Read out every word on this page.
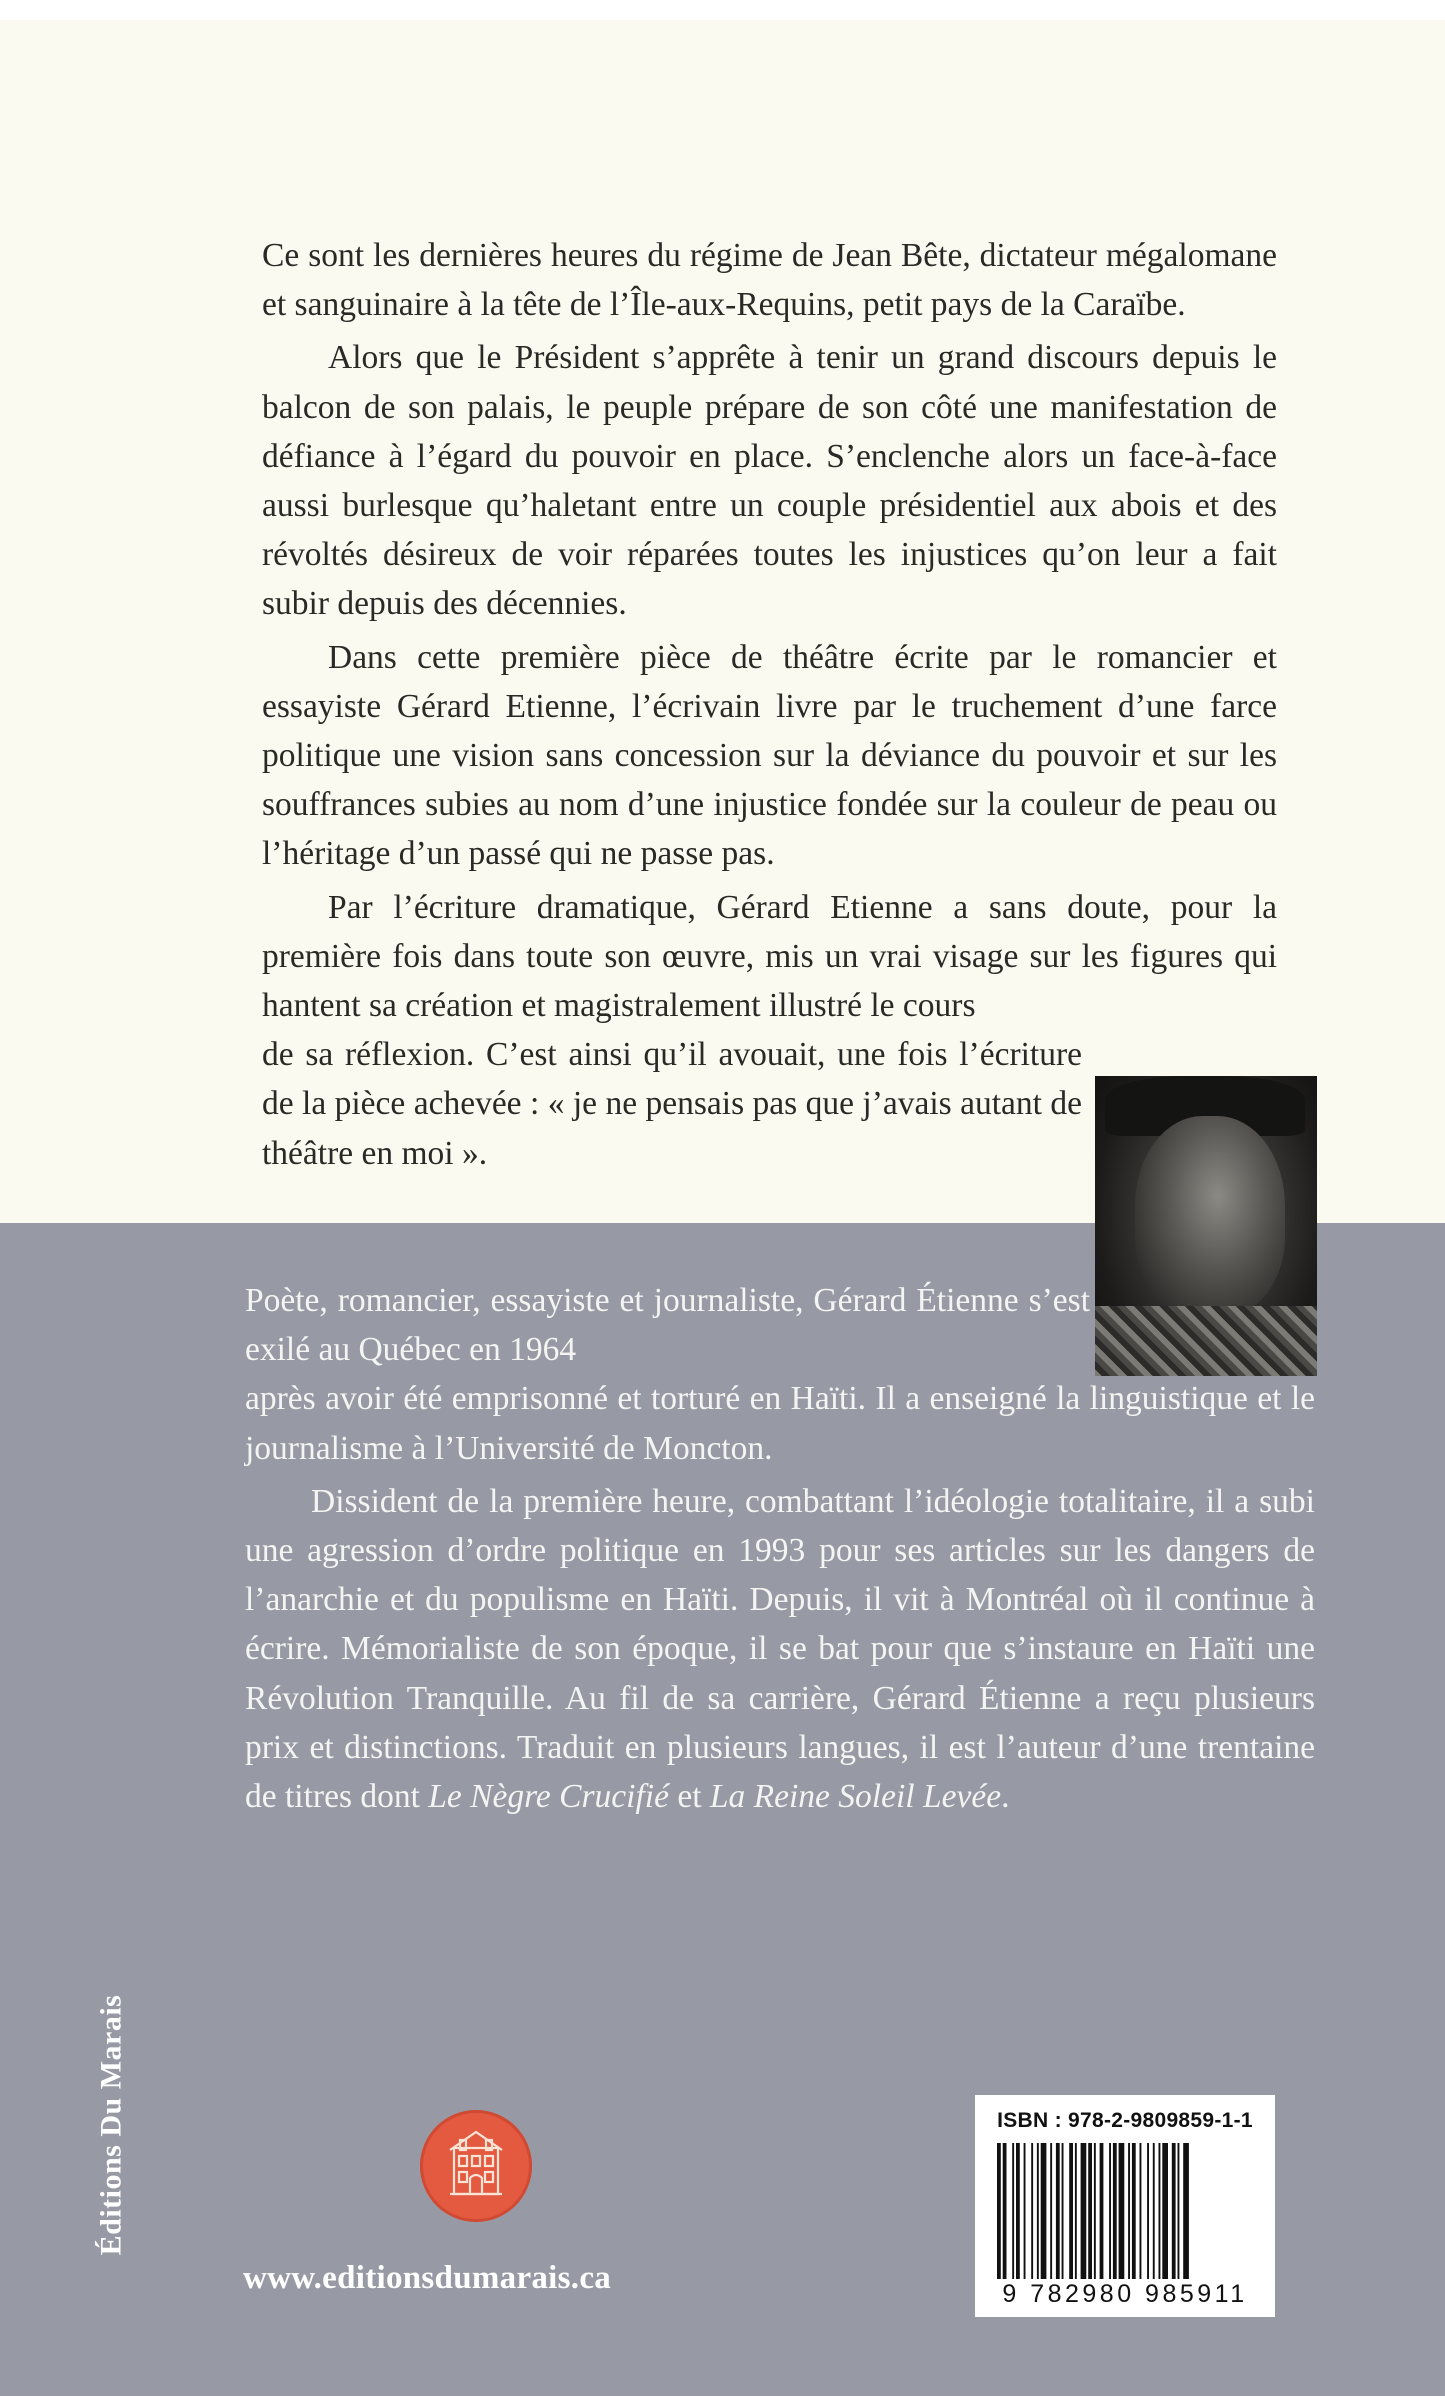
Ce sont les dernières heures du régime de Jean Bête, dictateur mégalomane et sanguinaire à la tête de l’Île-aux-Requins, petit pays de la Caraïbe.

Alors que le Président s’apprête à tenir un grand discours depuis le balcon de son palais, le peuple prépare de son côté une manifestation de défiance à l’égard du pouvoir en place. S’enclenche alors un face-à-face aussi burlesque qu’haletant entre un couple présidentiel aux abois et des révoltés désireux de voir réparées toutes les injustices qu’on leur a fait subir depuis des décennies.

Dans cette première pièce de théâtre écrite par le romancier et essayiste Gérard Etienne, l’écrivain livre par le truchement d’une farce politique une vision sans concession sur la déviance du pouvoir et sur les souffrances subies au nom d’une injustice fondée sur la couleur de peau ou l’héritage d’un passé qui ne passe pas.

Par l’écriture dramatique, Gérard Etienne a sans doute, pour la première fois dans toute son œuvre, mis un vrai visage sur les figures qui hantent sa création et magistralement illustré le cours

de sa réflexion. C’est ainsi qu’il avouait, une fois l’écriture de la pièce achevée : « je ne pensais pas que j’avais autant de théâtre en moi ».

Poète, romancier, essayiste et journaliste, Gérard Étienne s’est exilé au Québec en 1964

après avoir été emprisonné et torturé en Haïti. Il a enseigné la linguistique et le journalisme à l’Université de Moncton.

Dissident de la première heure, combattant l’idéologie totalitaire, il a subi une agression d’ordre politique en 1993 pour ses articles sur les dangers de l’anarchie et du populisme en Haïti. Depuis, il vit à Montréal où il continue à écrire. Mémorialiste de son époque, il se bat pour que s’instaure en Haïti une Révolution Tranquille. Au fil de sa carrière, Gérard Étienne a reçu plusieurs prix et distinctions. Traduit en plusieurs langues, il est l’auteur d’une trentaine de titres dont Le Nègre Crucifié et La Reine Soleil Levée.

Éditions Du Marais
www.editionsdumarais.ca
ISBN : 978-2-9809859-1-1
9 782980 985911
